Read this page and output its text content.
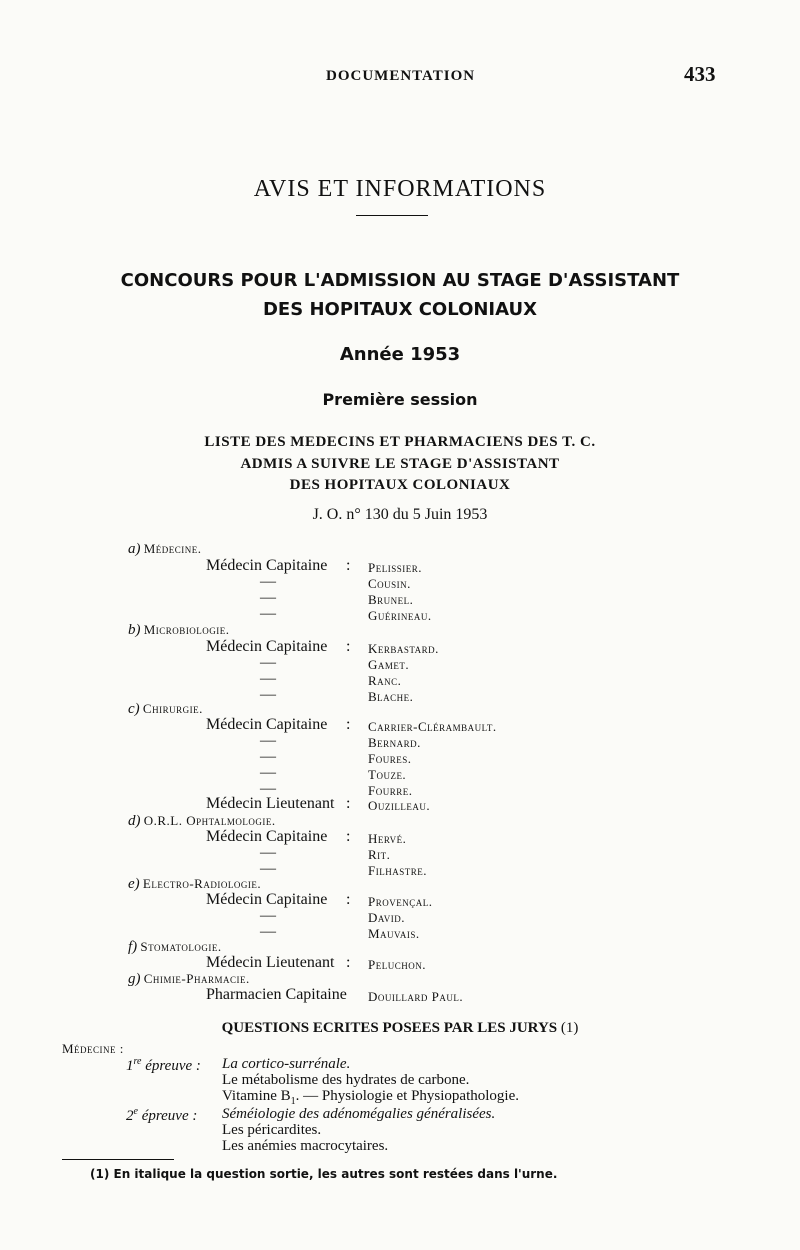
DOCUMENTATION	433
AVIS ET INFORMATIONS
CONCOURS POUR L'ADMISSION AU STAGE D'ASSISTANT
DES HOPITAUX COLONIAUX
Année 1953
Première session
LISTE DES MEDECINS ET PHARMACIENS DES T. C.
ADMIS A SUIVRE LE STAGE D'ASSISTANT
DES HOPITAUX COLONIAUX
J. O. n° 130 du 5 Juin 1953
a) Médecine.
Médecin Capitaine : Pelissier.
—	Cousin.
—	Brunel.
—	Guérineau.
b) Microbiologie.
Médecin Capitaine : Kerbastard.
—	Gamet.
—	Ranc.
—	Blache.
c) Chirurgie.
Médecin Capitaine : Carrier-Clérambault.
—	Bernard.
—	Foures.
—	Touze.
—	Fourre.
Médecin Lieutenant : Ouzilleau.
d) O.R.L. Ophtalmologie.
Médecin Capitaine : Hervé.
—	Rit.
—	Filhastre.
e) Electro-Radiologie.
Médecin Capitaine : Provençal.
—	David.
—	Mauvais.
f) Stomatologie.
Médecin Lieutenant : Peluchon.
g) Chimie-Pharmacie.
Pharmacien Capitaine Douillard Paul.
QUESTIONS ECRITES POSEES PAR LES JURYS (1)
Médecine :
1re épreuve : La cortico-surrénale.
Le métabolisme des hydrates de carbone.
Vitamine $B_1$. — Physiologie et Physiopathologie.
2e épreuve : Séméiologie des adénomégalies généralisées.
Les péricardites.
Les anémies macrocytaires.
(1) En italique la question sortie, les autres sont restées dans l'urne.
